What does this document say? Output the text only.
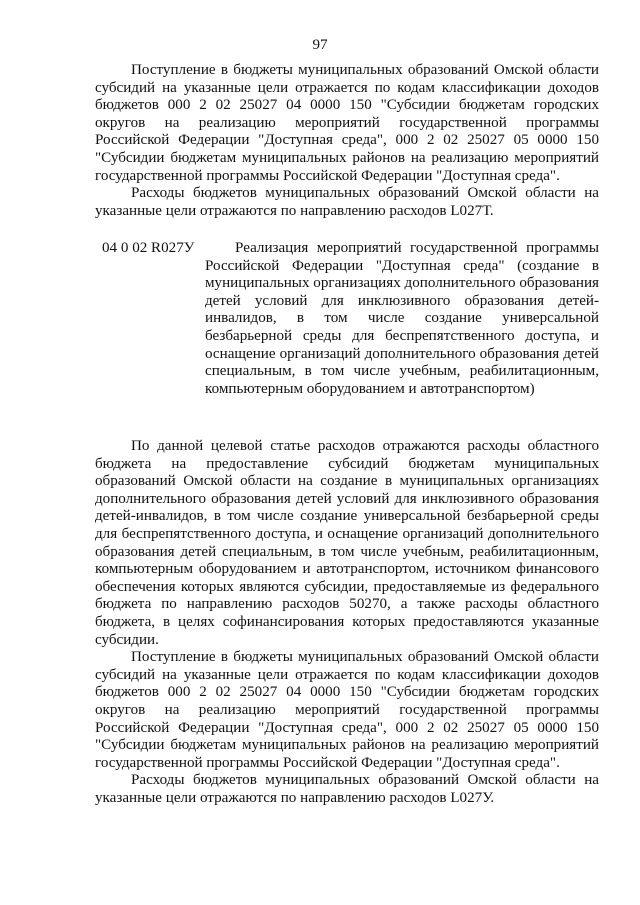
97

Поступление в бюджеты муниципальных образований Омской области субсидий на указанные цели отражается по кодам классификации доходов бюджетов 000 2 02 25027 04 0000 150 "Субсидии бюджетам городских округов на реализацию мероприятий государственной программы Российской Федерации "Доступная среда", 000 2 02 25027 05 0000 150 "Субсидии бюджетам муниципальных районов на реализацию мероприятий государственной программы Российской Федерации "Доступная среда".

Расходы бюджетов муниципальных образований Омской области на указанные цели отражаются по направлению расходов L027Т.

04 0 02 R027У	Реализация мероприятий государственной программы Российской Федерации "Доступная среда" (создание в муниципальных организациях дополнительного образования детей условий для инклюзивного образования детей-инвалидов, в том числе создание универсальной безбарьерной среды для беспрепятственного доступа, и оснащение организаций дополнительного образования детей специальным, в том числе учебным, реабилитационным, компьютерным оборудованием и автотранспортом)

По данной целевой статье расходов отражаются расходы областного бюджета на предоставление субсидий бюджетам муниципальных образований Омской области на создание в муниципальных организациях дополнительного образования детей условий для инклюзивного образования детей-инвалидов, в том числе создание универсальной безбарьерной среды для беспрепятственного доступа, и оснащение организаций дополнительного образования детей специальным, в том числе учебным, реабилитационным, компьютерным оборудованием и автотранспортом, источником финансового обеспечения которых являются субсидии, предоставляемые из федерального бюджета по направлению расходов 50270, а также расходы областного бюджета, в целях софинансирования которых предоставляются указанные субсидии.

Поступление в бюджеты муниципальных образований Омской области субсидий на указанные цели отражается по кодам классификации доходов бюджетов 000 2 02 25027 04 0000 150 "Субсидии бюджетам городских округов на реализацию мероприятий государственной программы Российской Федерации "Доступная среда", 000 2 02 25027 05 0000 150 "Субсидии бюджетам муниципальных районов на реализацию мероприятий государственной программы Российской Федерации "Доступная среда".

Расходы бюджетов муниципальных образований Омской области на указанные цели отражаются по направлению расходов L027У.
